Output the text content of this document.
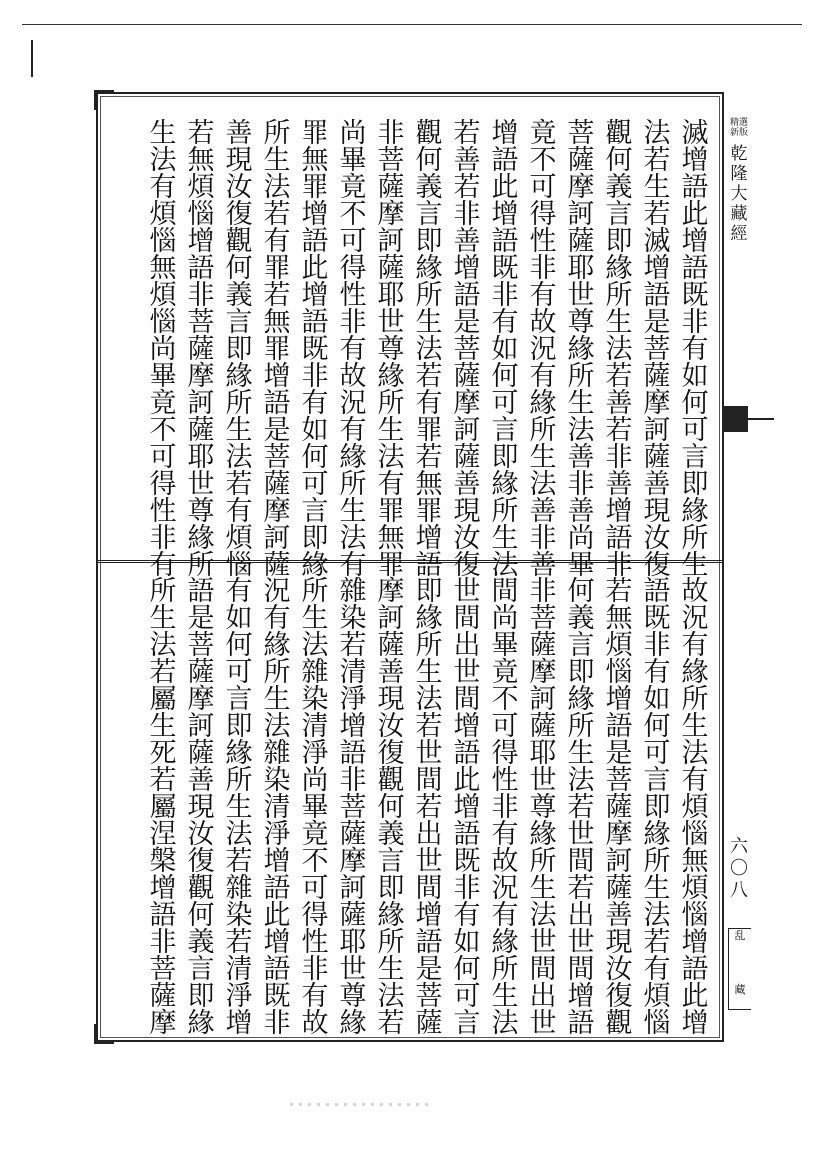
滅增語此增語既非有如何可言即緣所生
法若生若滅增語是菩薩摩訶薩善現汝復
觀何義言即緣所生法若善若非善增語非
菩薩摩訶薩耶世尊緣所生法善非善尚畢
竟不可得性非有故況有緣所生法善非善
增語此增語既非有如何可言即緣所生法
若善若非善增語是菩薩摩訶薩善現汝復
觀何義言即緣所生法若有罪若無罪增語
非菩薩摩訶薩耶世尊緣所生法有罪無罪
尚畢竟不可得性非有故況有緣所生法有
罪無罪增語此增語既非有如何可言即緣
所生法若有罪若無罪增語是菩薩摩訶薩
善現汝復觀何義言即緣所生法若有煩惱
若無煩惱增語非菩薩摩訶薩耶世尊緣所
生法有煩惱無煩惱尚畢竟不可得性非有
故況有緣所生法有煩惱無煩惱增語此增
語既非有如何可言即緣所生法若有煩惱
若無煩惱增語是菩薩摩訶薩善現汝復觀
何義言即緣所生法若世間若出世間增語
非菩薩摩訶薩耶世尊緣所生法世間出世
間尚畢竟不可得性非有故況有緣所生法
世間出世間增語此增語既非有如何可言
即緣所生法若世間若出世間增語是菩薩
摩訶薩善現汝復觀何義言即緣所生法若
雜染若清淨增語非菩薩摩訶薩耶世尊緣
所生法雜染清淨尚畢竟不可得性非有故
況有緣所生法雜染清淨增語此增語既非
有如何可言即緣所生法若雜染若清淨增
語是菩薩摩訶薩善現汝復觀何義言即緣
所生法若屬生死若屬涅槃增語非菩薩摩
精選新版
乾隆大藏經
六〇八
乱
藏
